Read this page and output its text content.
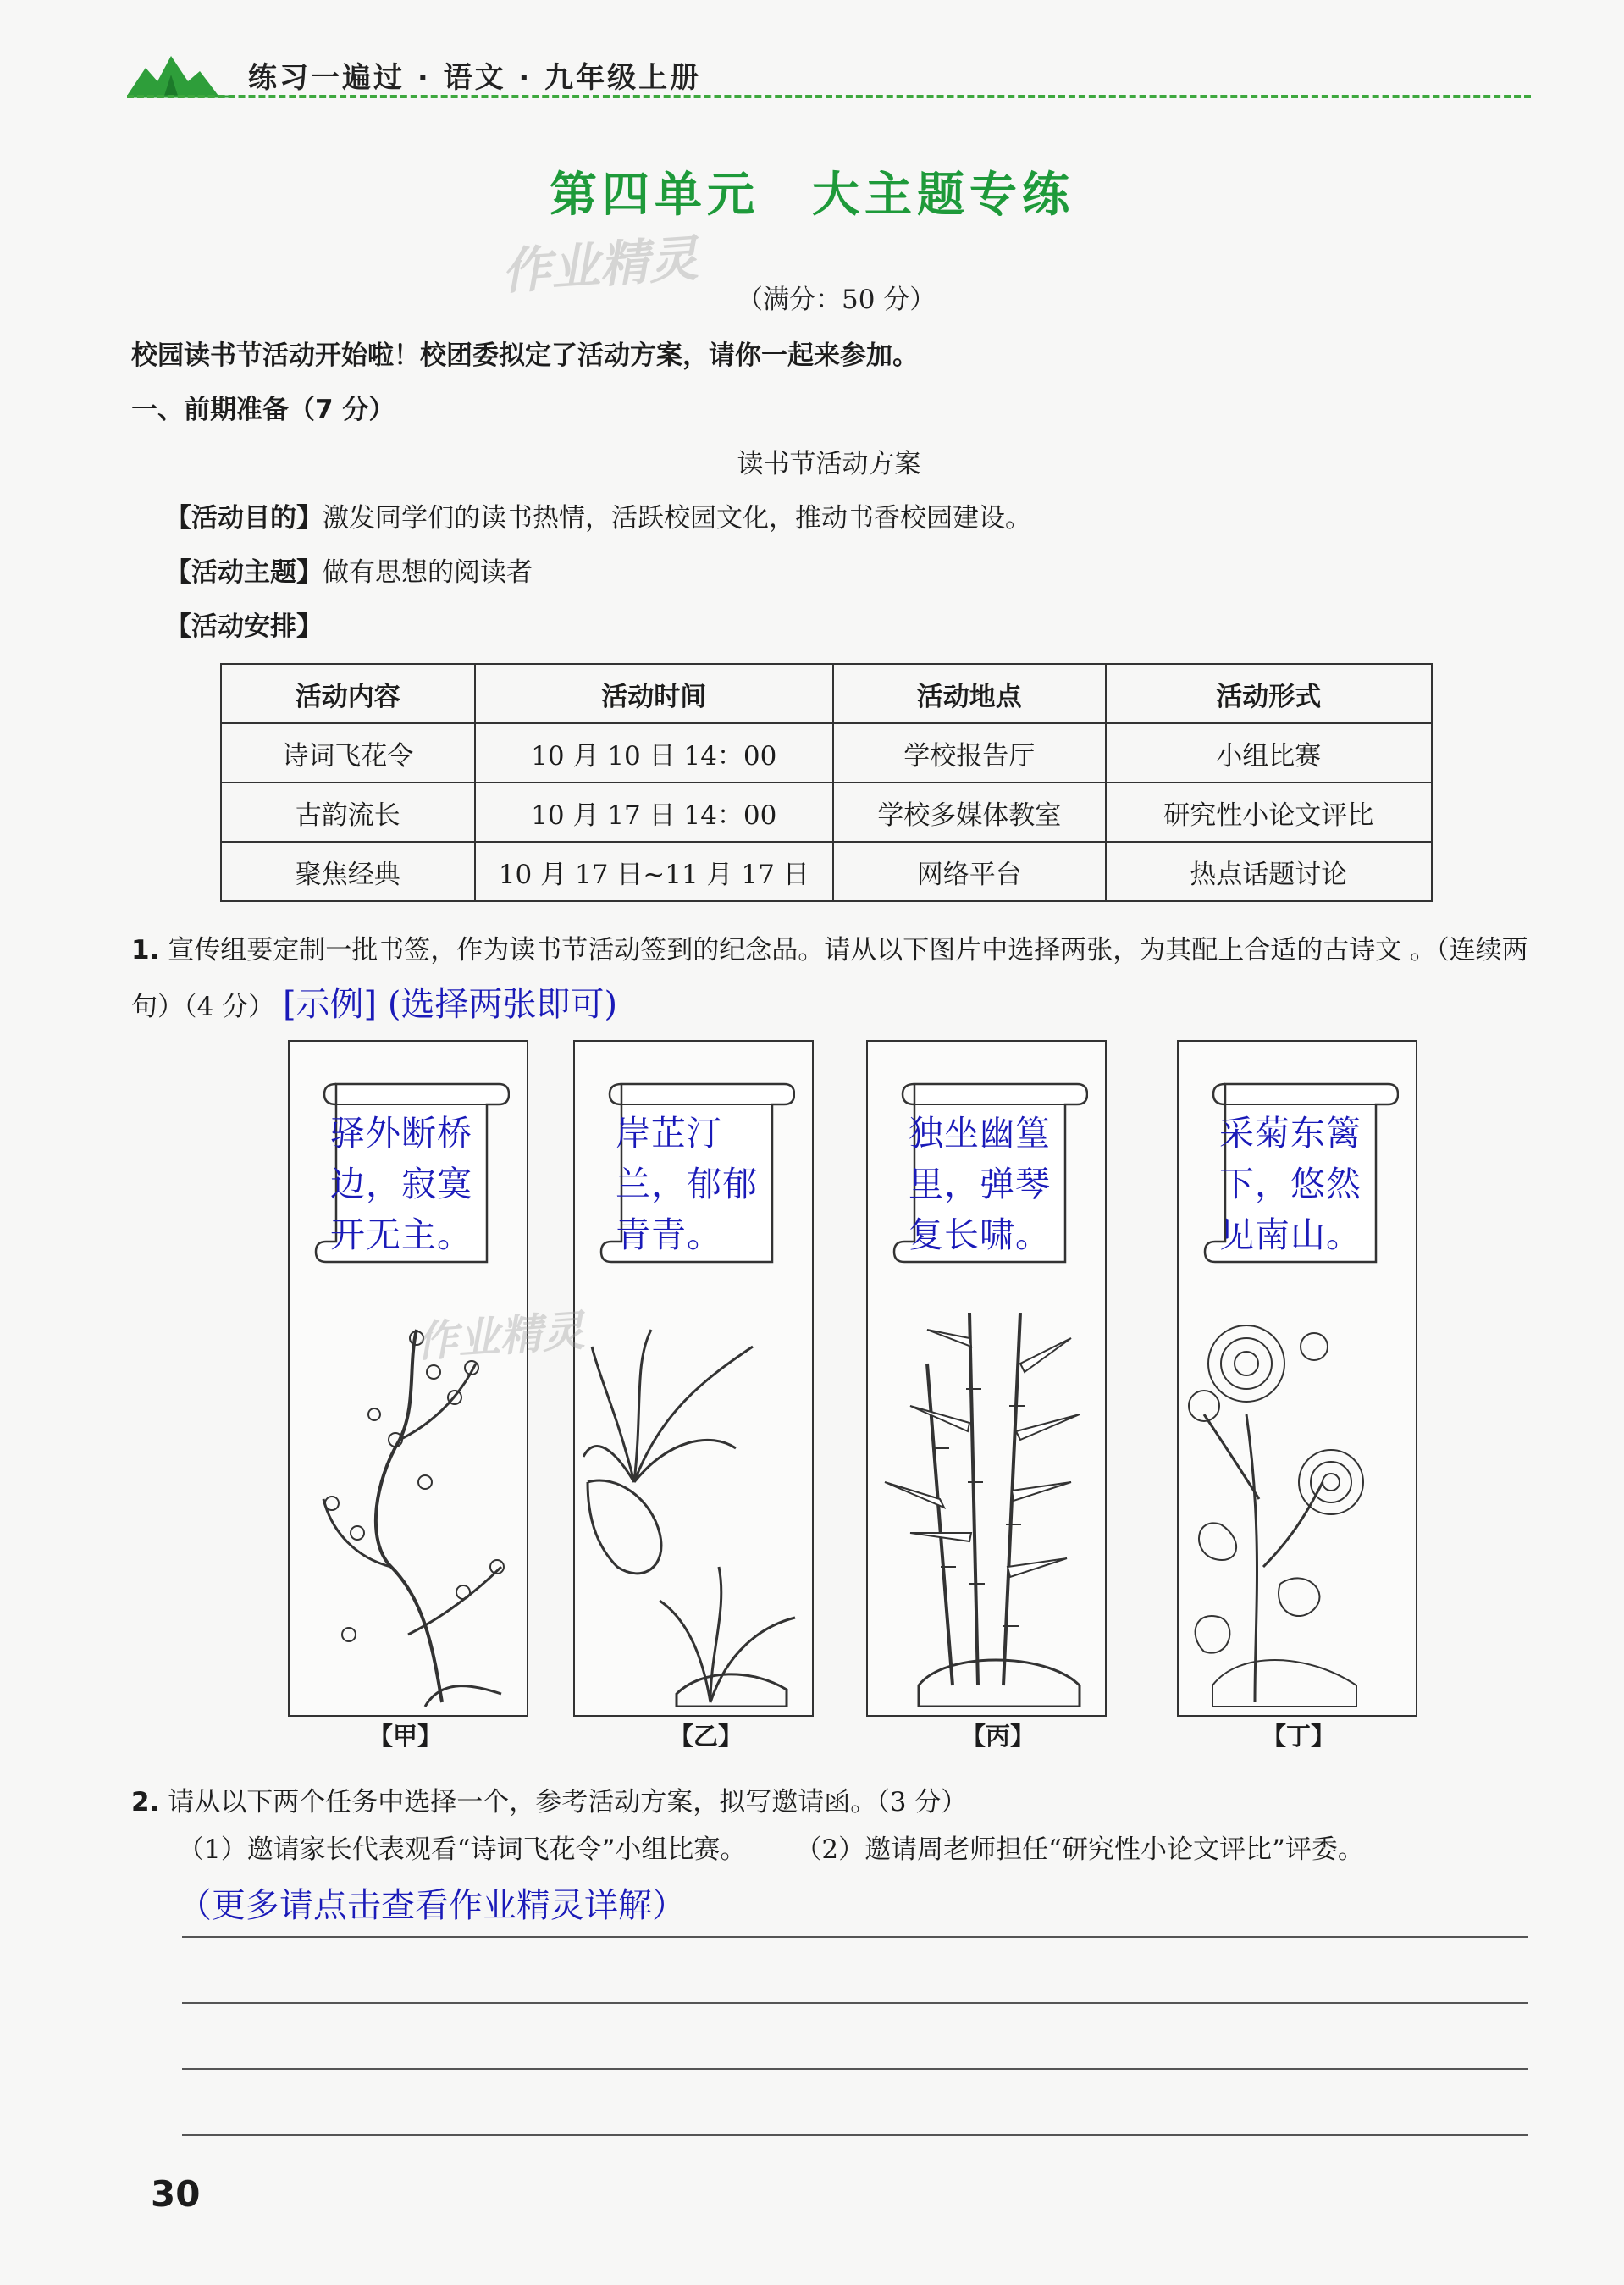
练习一遍过 · 语文 · 九年级上册
第四单元　大主题专练
作业精灵 （满分：50 分）
校园读书节活动开始啦！校团委拟定了活动方案，请你一起来参加。
一、前期准备（7 分）
读书节活动方案
【活动目的】激发同学们的读书热情，活跃校园文化，推动书香校园建设。
【活动主题】做有思想的阅读者
【活动安排】
活动内容	活动时间	活动地点	活动形式
诗词飞花令	10 月 10 日 14：00	学校报告厅	小组比赛
古韵流长	10 月 17 日 14：00	学校多媒体教室	研究性小论文评比
聚焦经典	10 月 17 日~11 月 17 日	网络平台	热点话题讨论
1. 宣传组要定制一批书签，作为读书节活动签到的纪念品。请从以下图片中选择两张，为其配上合适的古诗文 。（连续两句）（4 分） [示例] (选择两张即可)
驿外断桥边，寂寞开无主。
岸芷汀兰，郁郁青青。
独坐幽篁里，弹琴复长啸。
采菊东篱下，悠然见南山。
作业精灵
【甲】	【乙】	【丙】	【丁】
2. 请从以下两个任务中选择一个，参考活动方案，拟写邀请函。（3 分）
（1）邀请家长代表观看“诗词飞花令”小组比赛。 （2）邀请周老师担任“研究性小论文评比”评委。
（更多请点击查看作业精灵详解）
30
